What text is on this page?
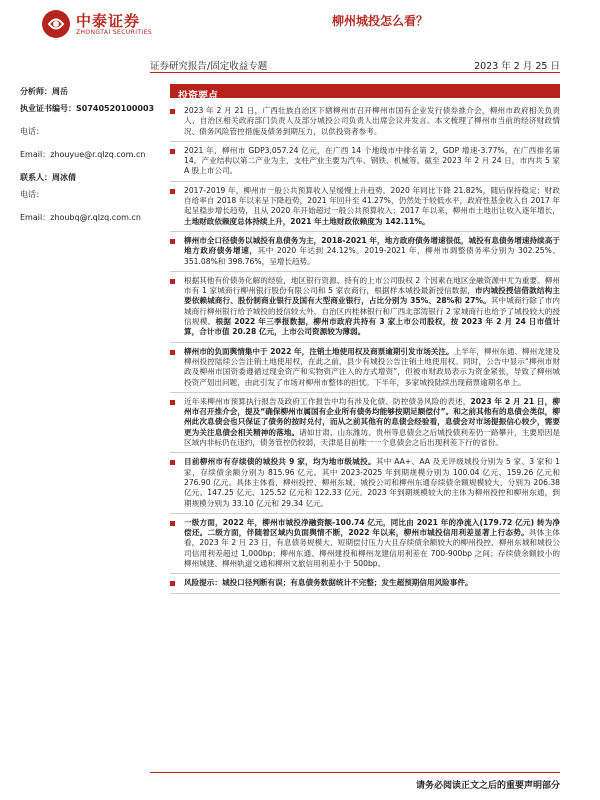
中泰证券
ZHONGTAI SECURITIES
柳州城投怎么看？
证券研究报告/固定收益专题	2023 年 2 月 25 日
分析师：周岳
执业证书编号：S0740520100003
电话：
Email：zhouyue@r.qlzq.com.cn
联系人：周冰倩
电话：
Email：zhoubq@r.qlzq.com.cn
投资要点
2023 年 2 月 21 日，广西壮族自治区下辖柳州市召开柳州市国有企业发行债券推介会，柳州市政府相关负责人、自治区相关政府部门负责人及部分城投公司负责人出席会议并发言。本文梳理了柳州市当前的经济财政情况、债务风险管控措施及债务到期压力，以供投资者参考。
2021 年，柳州市 GDP3,057.24 亿元，在广西 14 个地级市中排名第 2，GDP 增速-3.77%，在广西排名第 14。产业结构以第二产业为主，支柱产业主要为汽车、钢铁、机械等。截至 2023 年 2 月 24 日，市内共 5 家 A 股上市公司。
2017-2019 年，柳州市一般公共预算收入呈缓慢上升趋势，2020 年同比下降 21.82%，随后保持稳定；财政自给率自 2018 年以来呈下降趋势，2021 年回升至 41.27%，仍然处于较低水平，政府性基金收入自 2017 年起呈稳步增长趋势，且从 2020 年开始超过一般公共预算收入；2017 年以来，柳州市土地出让收入逐年增长，土地财政依赖度总体持续上升，2021 年土地财政依赖度为 142.11%。
柳州市全口径债务以城投有息债务为主，2018-2021 年，地方政府债务增速很低，城投有息债务增速持续高于地方政府债务增速，其中 2020 年达到 24.12%。2019-2021 年，柳州市调整债务率分别为 302.25%、351.08%和 398.76%，呈增长趋势。
根据其他有价债务化解的经验，地区银行资源、持有的上市公司股权 2 个因素在地区金融资源中尤为重要。柳州市有 1 家城商行柳州银行股份有限公司和 5 家农商行，根据样本城投最新授信数据，市内城投授信借款结构主要依赖城商行、股份制商业银行及国有大型商业银行，占比分别为 35%、28%和 27%。其中城商行除了市内城商行柳州银行给予城投的授信较大外，自治区内桂林银行和广西北部湾银行 2 家城商行也给予了城投较大的授信规模。根据 2022 年三季报数据，柳州市政府共持有 3 家上市公司股权，按 2023 年 2 月 24 日市值计算，合计市值 20.28 亿元，上市公司资源较为薄弱。
柳州市的负面舆情集中于 2022 年，注销土地使用权及商票逾期引发市场关注。上半年，柳州东通、柳州龙建及柳州投控陆续公告注销土地使用权，在此之前，县少有城投公告注销土地使用权。同时，公告中显示“柳州市财政及柳州市国资委遵循过现金资产和实物资产注入的方式增资”，但被市财政局表示为资金紧张，导致了柳州城投资产划出问题，由此引发了市场对柳州市整体的担忧。下半年，多家城投陆续出现商票逾期名单上。
近年来柳州市预算执行报告及政府工作报告中均有涉及化债、防控债务风险的表述，2023 年 2 月 21 日，柳州市召开推介会，提及“确保柳州市属国有企业所有债务均能够按期足额偿付”。和之前其他有的息债会类似，柳州此次息债会也只保证了债务的按时兑付，而从之前其他有的息债会经验看，息债会对市场提振信心较少，需要更为关注息债会相关精神的落地。诸如甘肃、山东潍坊、贵州等息债会之后城投债利差仍一路攀升，主要原因是区域内非标仍在违约，债务管控仍较弱，天津是目前唯一一个息债会之后出现利差下行的省份。
目前柳州市有存续债的城投共 9 家，均为地市级城投。其中 AA+、AA 及无评级城投分别为 5 家、3 家和 1 家，存续债余额分别为 815.96 亿元。其中 2023-2025 年到期规模分别为 100.04 亿元、159.26 亿元和 276.90 亿元。具体主体看，柳州投控、柳州东城、城投公司和柳州东通存续债余额规模较大，分别为 206.38 亿元、147.25 亿元、125.52 亿元和 122.33 亿元。2023 年到期规模较大的主体为柳州投控和柳州东通，到期规模分别为 33.10 亿元和 29.34 亿元。
一级方面，2022 年，柳州市城投净融资额-100.74 亿元，同比由 2021 年的净流入(179.72 亿元) 转为净偿还。二级方面，伴随着区域内负面舆情不断，2022 年以来，柳州市城投信用利差显著上行态势。具体主体看，2023 年 2 月 23 日，有息债务规模大、短期偿付压力大且存续债余额较大的柳州投控、柳州东城和城投公司信用利差超过 1,000bp；柳州东通、柳州建投和柳州龙建信用利差在 700-900bp 之间；存续债余额较小的柳州城建、柳州轨道交通和柳州文旅信用利差小于 500bp。
风险提示：城投口径判断有误；有息债务数据统计不完整；发生超预期信用风险事件。
请务必阅读正文之后的重要声明部分
